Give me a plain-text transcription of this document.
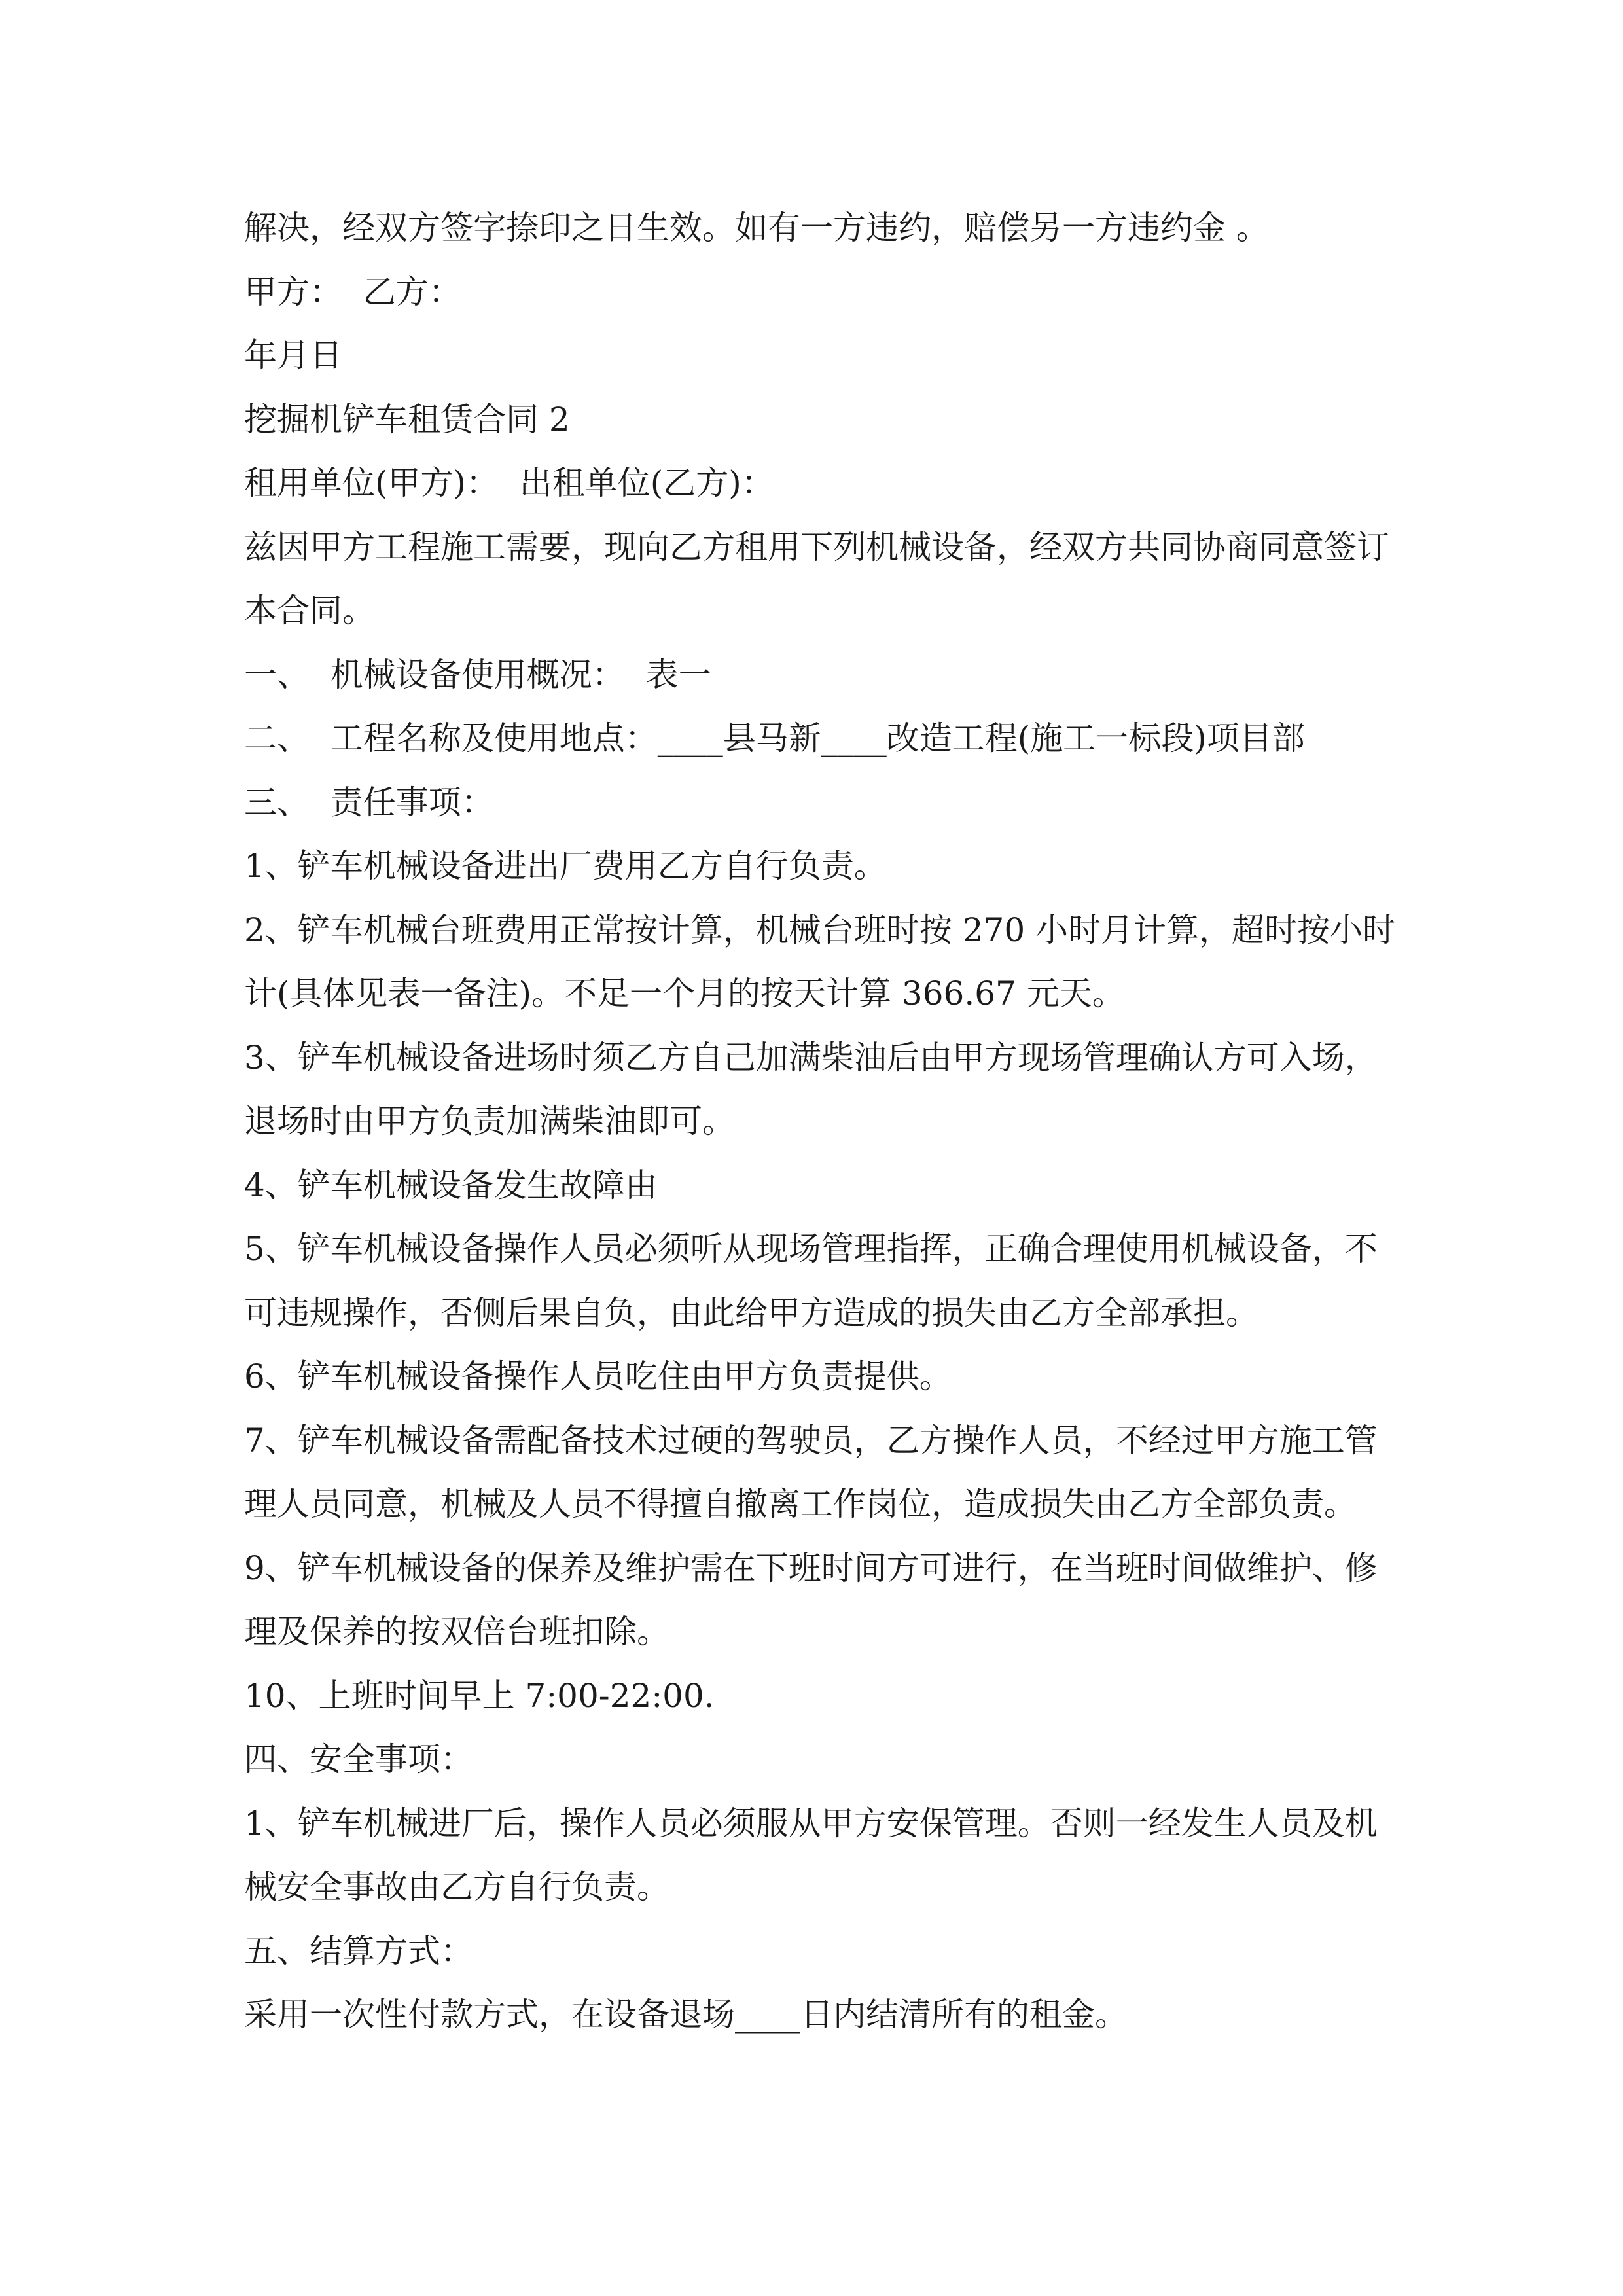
解决，经双方签字捺印之日生效。如有一方违约，赔偿另一方违约金 。
甲方：  乙方：
年月日
挖掘机铲车租赁合同 2
租用单位(甲方)：  出租单位(乙方)：
兹因甲方工程施工需要，现向乙方租用下列机械设备，经双方共同协商同意签订
本合同。
一、  机械设备使用概况：  表一
二、  工程名称及使用地点：____县马新____改造工程(施工一标段)项目部
三、  责任事项：
1、铲车机械设备进出厂费用乙方自行负责。
2、铲车机械台班费用正常按计算，机械台班时按 270 小时月计算，超时按小时
计(具体见表一备注)。不足一个月的按天计算 366.67 元天。
3、铲车机械设备进场时须乙方自己加满柴油后由甲方现场管理确认方可入场，
退场时由甲方负责加满柴油即可。
4、铲车机械设备发生故障由
5、铲车机械设备操作人员必须听从现场管理指挥，正确合理使用机械设备，不
可违规操作，否侧后果自负，由此给甲方造成的损失由乙方全部承担。
6、铲车机械设备操作人员吃住由甲方负责提供。
7、铲车机械设备需配备技术过硬的驾驶员，乙方操作人员，不经过甲方施工管
理人员同意，机械及人员不得擅自撤离工作岗位，造成损失由乙方全部负责。
9、铲车机械设备的保养及维护需在下班时间方可进行，在当班时间做维护、修
理及保养的按双倍台班扣除。
10、上班时间早上 7:00-22:00.
四、安全事项：
1、铲车机械进厂后，操作人员必须服从甲方安保管理。否则一经发生人员及机
械安全事故由乙方自行负责。
五、结算方式：
采用一次性付款方式，在设备退场____日内结清所有的租金。
